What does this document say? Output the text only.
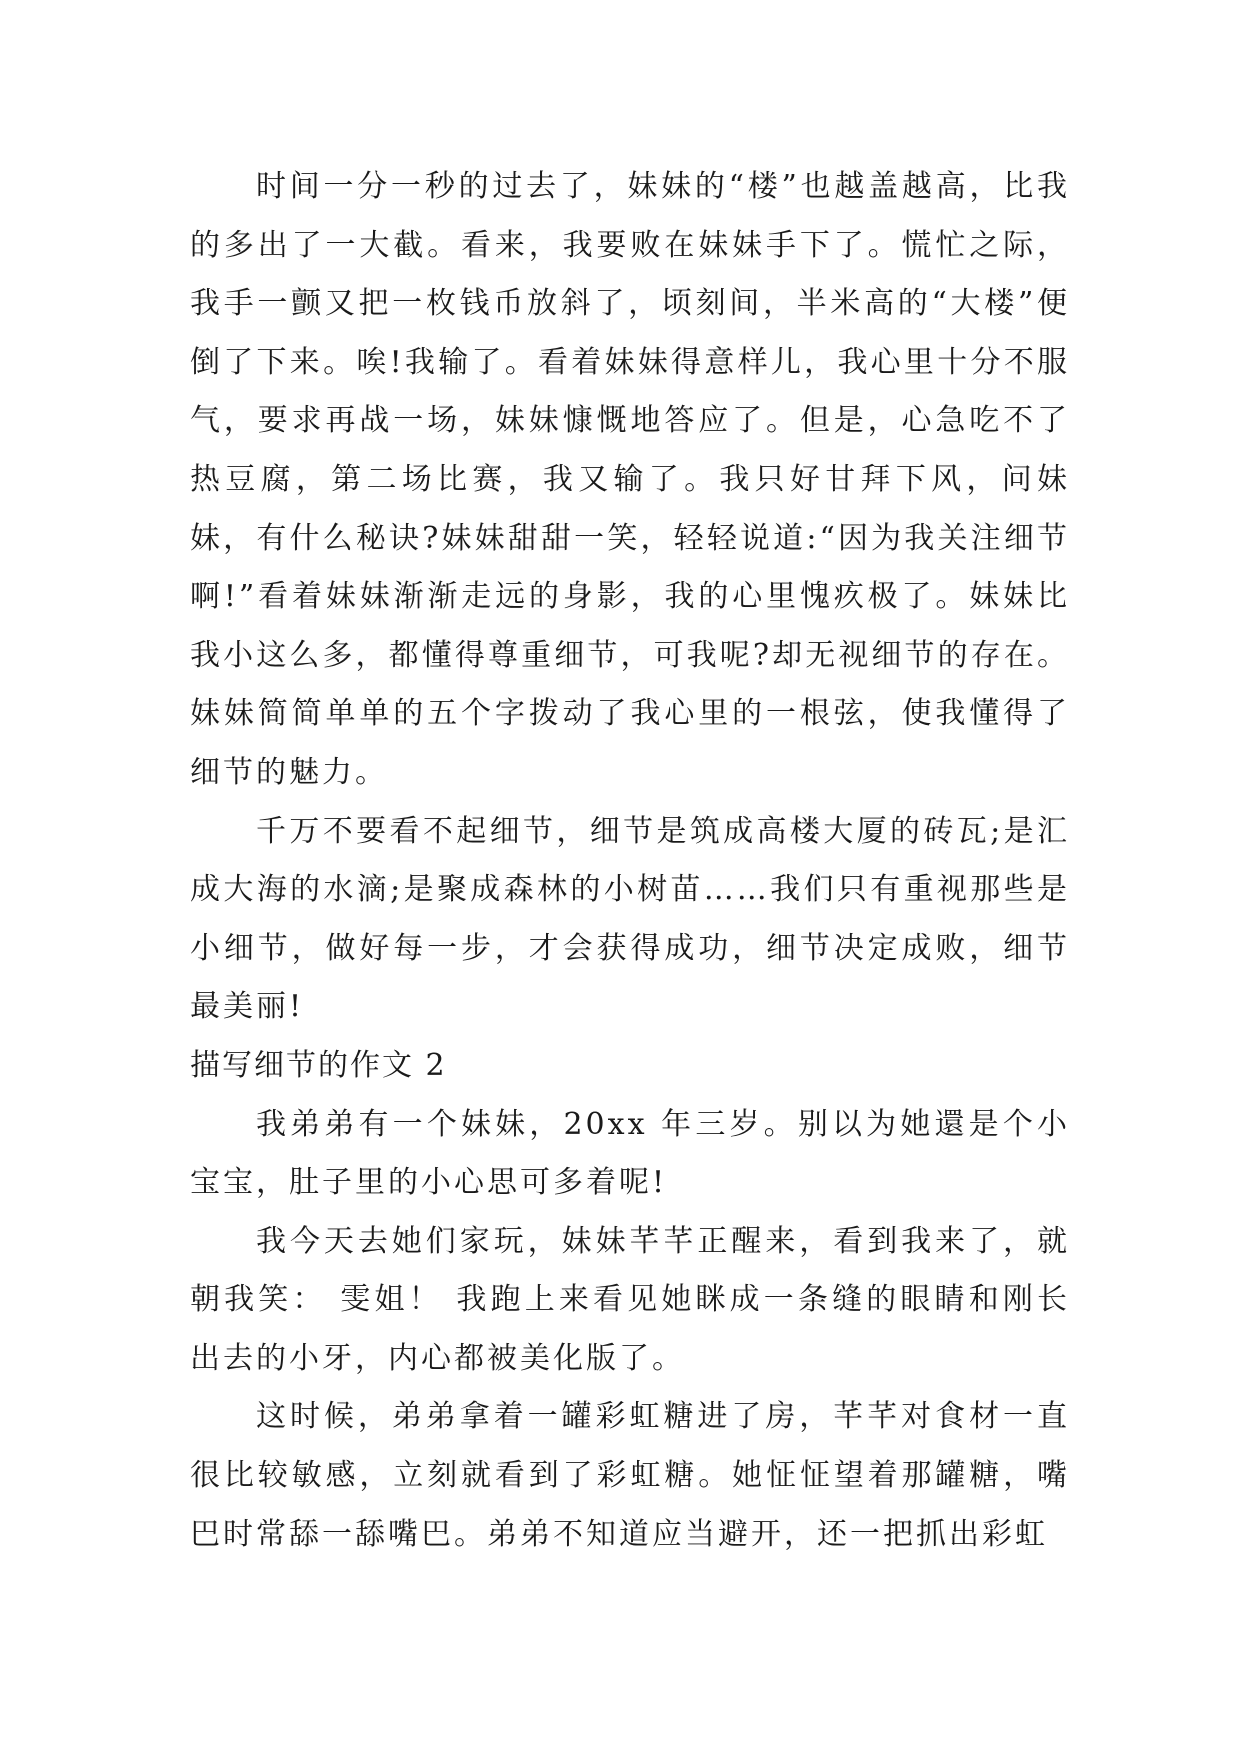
时间一分一秒的过去了，妹妹的“楼”也越盖越高，比我的多出了一大截。看来，我要败在妹妹手下了。慌忙之际，我手一颤又把一枚钱币放斜了，顷刻间，半米高的“大楼”便倒了下来。唉!我输了。看着妹妹得意样儿，我心里十分不服气，要求再战一场，妹妹慷慨地答应了。但是，心急吃不了热豆腐，第二场比赛，我又输了。我只好甘拜下风，问妹妹，有什么秘诀?妹妹甜甜一笑，轻轻说道:“因为我关注细节啊!”看着妹妹渐渐走远的身影，我的心里愧疚极了。妹妹比我小这么多，都懂得尊重细节，可我呢?却无视细节的存在。妹妹简简单单的五个字拨动了我心里的一根弦，使我懂得了细节的魅力。

千万不要看不起细节，细节是筑成高楼大厦的砖瓦;是汇成大海的水滴;是聚成森林的小树苗……我们只有重视那些是小细节，做好每一步，才会获得成功，细节决定成败，细节最美丽!

描写细节的作文 2

我弟弟有一个妹妹，20xx 年三岁。别以为她還是个小宝宝，肚子里的小心思可多着呢!

我今天去她们家玩，妹妹芊芊正醒来，看到我来了，就朝我笑： 雯姐！ 我跑上来看见她眯成一条缝的眼睛和刚长出去的小牙，内心都被美化版了。

这时候，弟弟拿着一罐彩虹糖进了房，芊芊对食材一直很比较敏感，立刻就看到了彩虹糖。她怔怔望着那罐糖，嘴巴时常舔一舔嘴巴。弟弟不知道应当避开，还一把抓出彩虹
